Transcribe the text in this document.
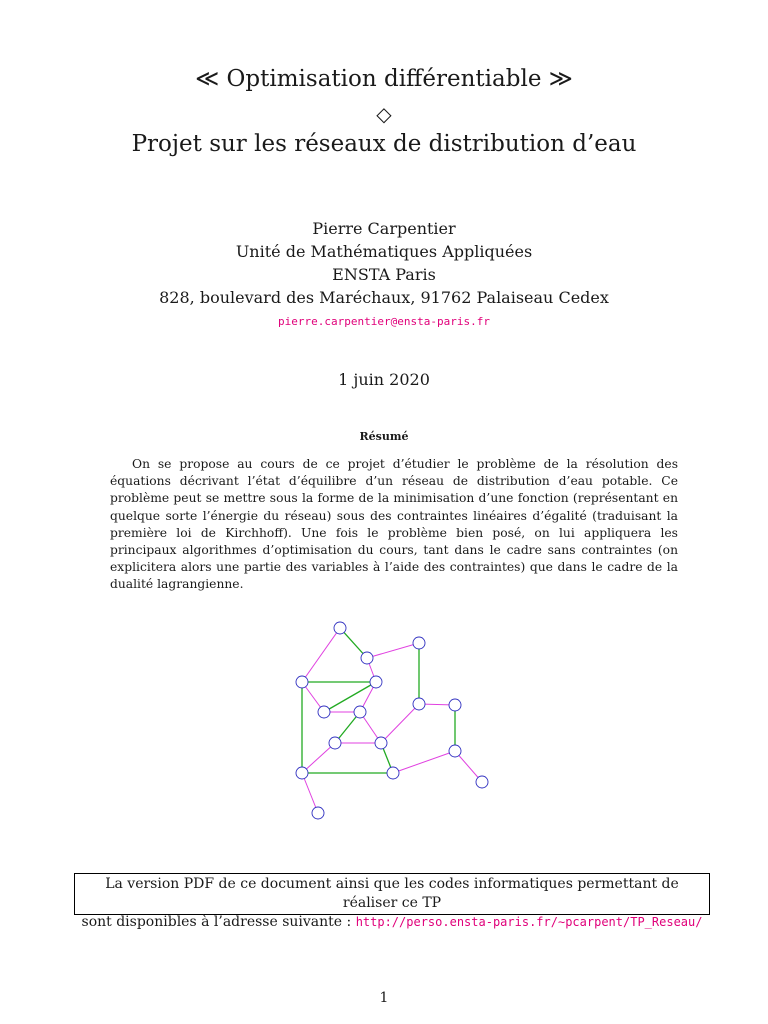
≪ Optimisation différentiable ≫
◇
Projet sur les réseaux de distribution d’eau
Pierre Carpentier
Unité de Mathématiques Appliquées
ENSTA Paris
828, boulevard des Maréchaux, 91762 Palaiseau Cedex
pierre.carpentier@ensta-paris.fr
1 juin 2020
Résumé
On se propose au cours de ce projet d’étudier le problème de la résolution des équations décrivant l’état d’équilibre d’un réseau de distribution d’eau potable. Ce problème peut se mettre sous la forme de la minimisation d’une fonction (représentant en quelque sorte l’énergie du réseau) sous des contraintes linéaires d’égalité (traduisant la première loi de Kirchhoff). Une fois le problème bien posé, on lui appliquera les principaux algorithmes d’optimisation du cours, tant dans le cadre sans contraintes (on explicitera alors une partie des variables à l’aide des contraintes) que dans le cadre de la dualité lagrangienne.
La version PDF de ce document ainsi que les codes informatiques permettant de réaliser ce TP
sont disponibles à l’adresse suivante : http://perso.ensta-paris.fr/∼pcarpent/TP_Reseau/
1
